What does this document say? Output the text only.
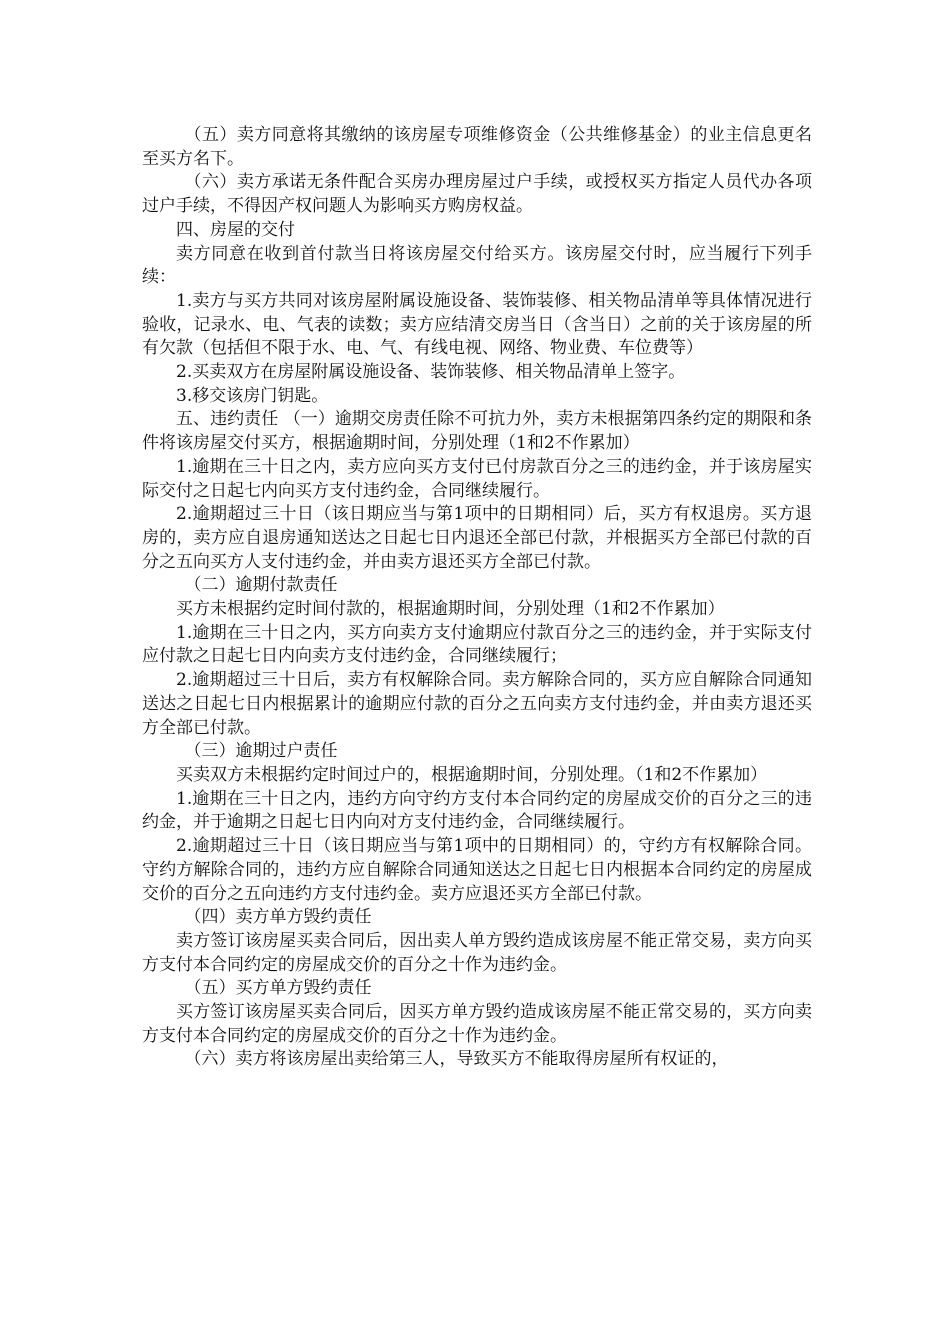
（五）卖方同意将其缴纳的该房屋专项维修资金（公共维修基金）的业主信息更名至买方名下。

（六）卖方承诺无条件配合买房办理房屋过户手续，或授权买方指定人员代办各项过户手续，不得因产权问题人为影响买方购房权益。

四、房屋的交付

卖方同意在收到首付款当日将该房屋交付给买方。该房屋交付时，应当履行下列手续：

1.卖方与买方共同对该房屋附属设施设备、装饰装修、相关物品清单等具体情况进行验收，记录水、电、气表的读数；卖方应结清交房当日（含当日）之前的关于该房屋的所有欠款（包括但不限于水、电、气、有线电视、网络、物业费、车位费等）

2.买卖双方在房屋附属设施设备、装饰装修、相关物品清单上签字。

3.移交该房门钥匙。

五、违约责任 （一）逾期交房责任除不可抗力外，卖方未根据第四条约定的期限和条件将该房屋交付买方，根据逾期时间，分别处理（1和2不作累加）

1.逾期在三十日之内，卖方应向买方支付已付房款百分之三的违约金，并于该房屋实际交付之日起七内向买方支付违约金，合同继续履行。

2.逾期超过三十日（该日期应当与第1项中的日期相同）后，买方有权退房。买方退房的，卖方应自退房通知送达之日起七日内退还全部已付款，并根据买方全部已付款的百分之五向买方人支付违约金，并由卖方退还买方全部已付款。

（二）逾期付款责任

买方未根据约定时间付款的，根据逾期时间，分别处理（1和2不作累加）

1.逾期在三十日之内，买方向卖方支付逾期应付款百分之三的违约金，并于实际支付应付款之日起七日内向卖方支付违约金，合同继续履行；

2.逾期超过三十日后，卖方有权解除合同。卖方解除合同的，买方应自解除合同通知送达之日起七日内根据累计的逾期应付款的百分之五向卖方支付违约金，并由卖方退还买方全部已付款。

（三）逾期过户责任

买卖双方未根据约定时间过户的，根据逾期时间，分别处理。（1和2不作累加）

1.逾期在三十日之内，违约方向守约方支付本合同约定的房屋成交价的百分之三的违约金，并于逾期之日起七日内向对方支付违约金，合同继续履行。

2.逾期超过三十日（该日期应当与第1项中的日期相同）的，守约方有权解除合同。守约方解除合同的，违约方应自解除合同通知送达之日起七日内根据本合同约定的房屋成交价的百分之五向违约方支付违约金。卖方应退还买方全部已付款。

（四）卖方单方毁约责任

卖方签订该房屋买卖合同后，因出卖人单方毁约造成该房屋不能正常交易，卖方向买方支付本合同约定的房屋成交价的百分之十作为违约金。

（五）买方单方毁约责任

买方签订该房屋买卖合同后，因买方单方毁约造成该房屋不能正常交易的，买方向卖方支付本合同约定的房屋成交价的百分之十作为违约金。

（六）卖方将该房屋出卖给第三人，导致买方不能取得房屋所有权证的，
